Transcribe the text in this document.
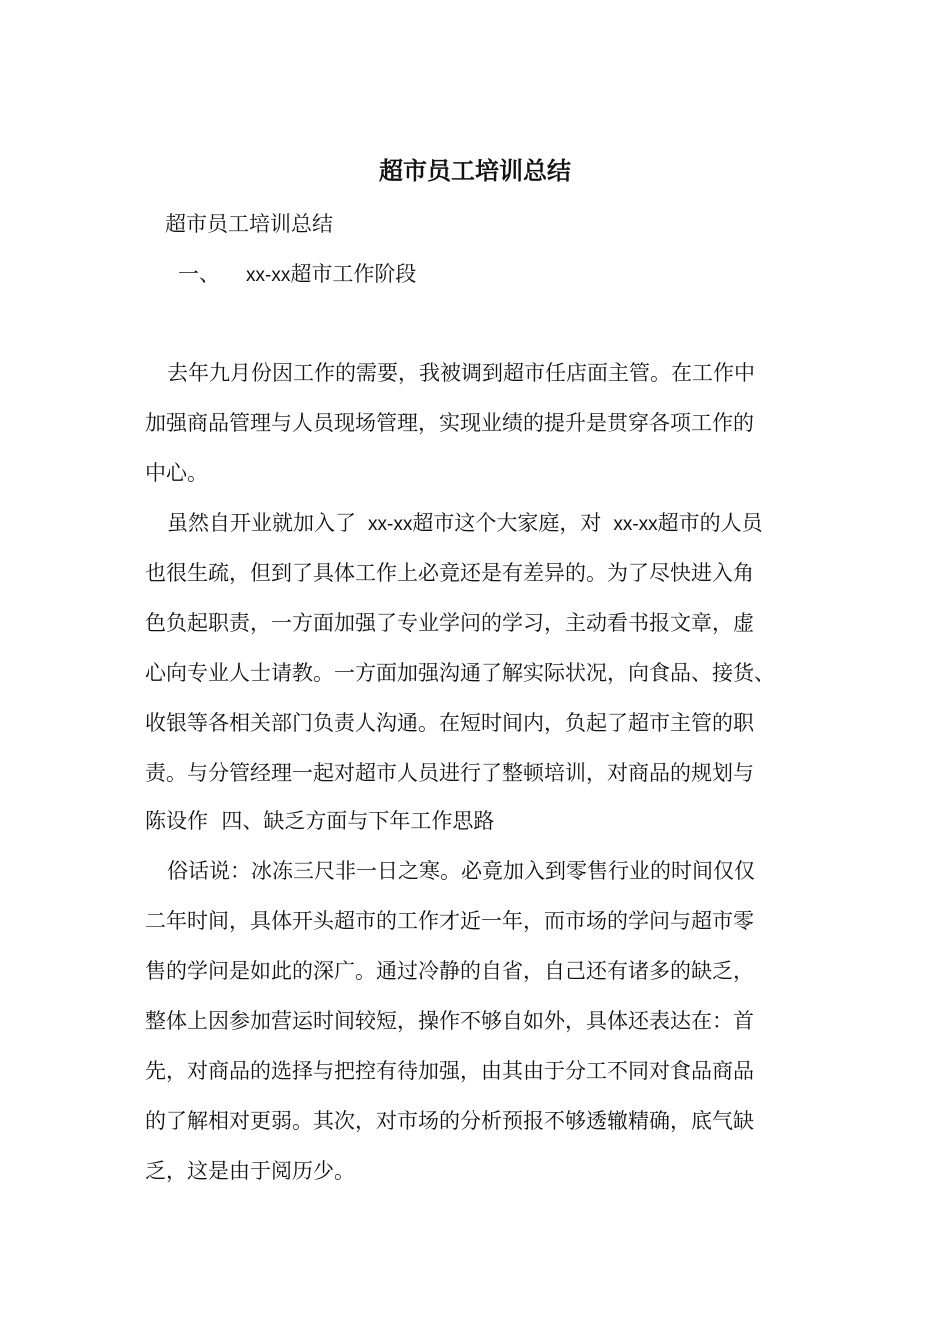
超市员工培训总结
超市员工培训总结
一、 xx-xx超市工作阶段
去年九月份因工作的需要，我被调到超市任店面主管。在工作中
加强商品管理与人员现场管理，实现业绩的提升是贯穿各项工作的
中心。
虽然自开业就加入了 xx-xx超市这个大家庭，对 xx-xx超市的人员
也很生疏，但到了具体工作上必竟还是有差异的。为了尽快进入角
色负起职责，一方面加强了专业学问的学习，主动看书报文章，虚
心向专业人士请教。一方面加强沟通了解实际状况，向食品、接货、
收银等各相关部门负责人沟通。在短时间内，负起了超市主管的职
责。与分管经理一起对超市人员进行了整顿培训，对商品的规划与
陈设作  四、缺乏方面与下年工作思路
俗话说：冰冻三尺非一日之寒。必竟加入到零售行业的时间仅仅
二年时间，具体开头超市的工作才近一年，而市场的学问与超市零
售的学问是如此的深广。通过冷静的自省，自己还有诸多的缺乏，
整体上因参加营运时间较短，操作不够自如外，具体还表达在：首
先，对商品的选择与把控有待加强，由其由于分工不同对食品商品
的了解相对更弱。其次，对市场的分析预报不够透辙精确，底气缺
乏，这是由于阅历少。
